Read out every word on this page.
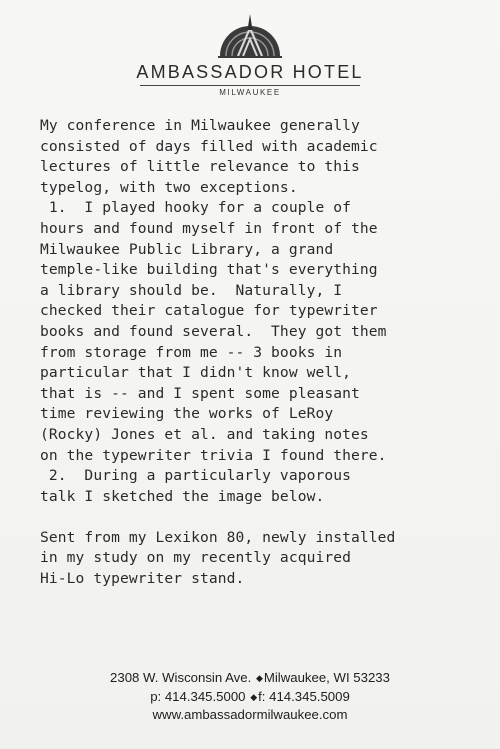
AMBASSADOR HOTEL
MILWAUKEE
My conference in Milwaukee generally
consisted of days filled with academic
lectures of little relevance to this
typelog, with two exceptions.
1.  I played hooky for a couple of
hours and found myself in front of the
Milwaukee Public Library, a grand
temple-like building that's everything
a library should be.  Naturally, I
checked their catalogue for typewriter
books and found several.  They got them
from storage from me -- 3 books in
particular that I didn't know well,
that is -- and I spent some pleasant
time reviewing the works of LeRoy
(Rocky) Jones et al. and taking notes
on the typewriter trivia I found there.
2.  During a particularly vaporous
talk I sketched the image below.
Sent from my Lexikon 80, newly installed
in my study on my recently acquired
Hi-Lo typewriter stand.
2308 W. Wisconsin Ave. ◆Milwaukee, WI 53233
p: 414.345.5000 ◆f: 414.345.5009
www.ambassadormilwaukee.com
